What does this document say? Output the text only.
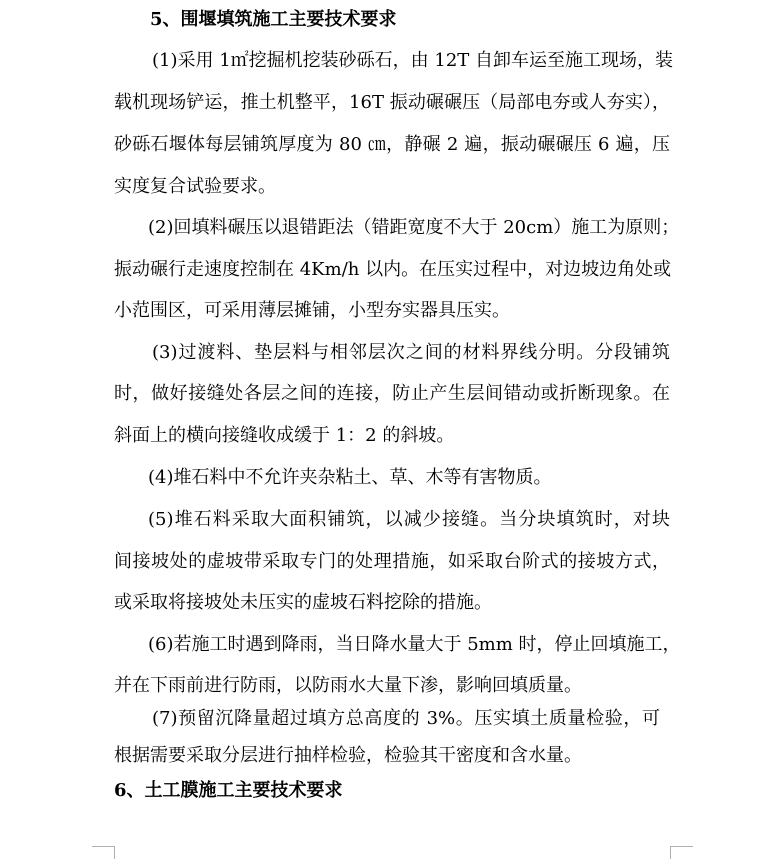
5、围堰填筑施工主要技术要求
(1)采用 1㎡挖掘机挖装砂砾石，由 12T 自卸车运至施工现场，装
载机现场铲运，推土机整平，16T 振动碾碾压（局部电夯或人夯实），
砂砾石堰体每层铺筑厚度为 80 ㎝，静碾 2 遍，振动碾碾压 6 遍，压
实度复合试验要求。
(2)回填料碾压以退错距法（错距宽度不大于 20cm）施工为原则；
振动碾行走速度控制在 4Km/h 以内。在压实过程中，对边坡边角处或
小范围区，可采用薄层摊铺，小型夯实器具压实。
(3)过渡料、垫层料与相邻层次之间的材料界线分明。分段铺筑
时，做好接缝处各层之间的连接，防止产生层间错动或折断现象。在
斜面上的横向接缝收成缓于 1：2 的斜坡。
(4)堆石料中不允许夹杂粘土、草、木等有害物质。
(5)堆石料采取大面积铺筑，以减少接缝。当分块填筑时，对块
间接坡处的虚坡带采取专门的处理措施，如采取台阶式的接坡方式，
或采取将接坡处未压实的虚坡石料挖除的措施。
(6)若施工时遇到降雨，当日降水量大于 5mm 时，停止回填施工，
并在下雨前进行防雨，以防雨水大量下渗，影响回填质量。
(7)预留沉降量超过填方总高度的 3%。压实填土质量检验，可
根据需要采取分层进行抽样检验，检验其干密度和含水量。
6、土工膜施工主要技术要求
